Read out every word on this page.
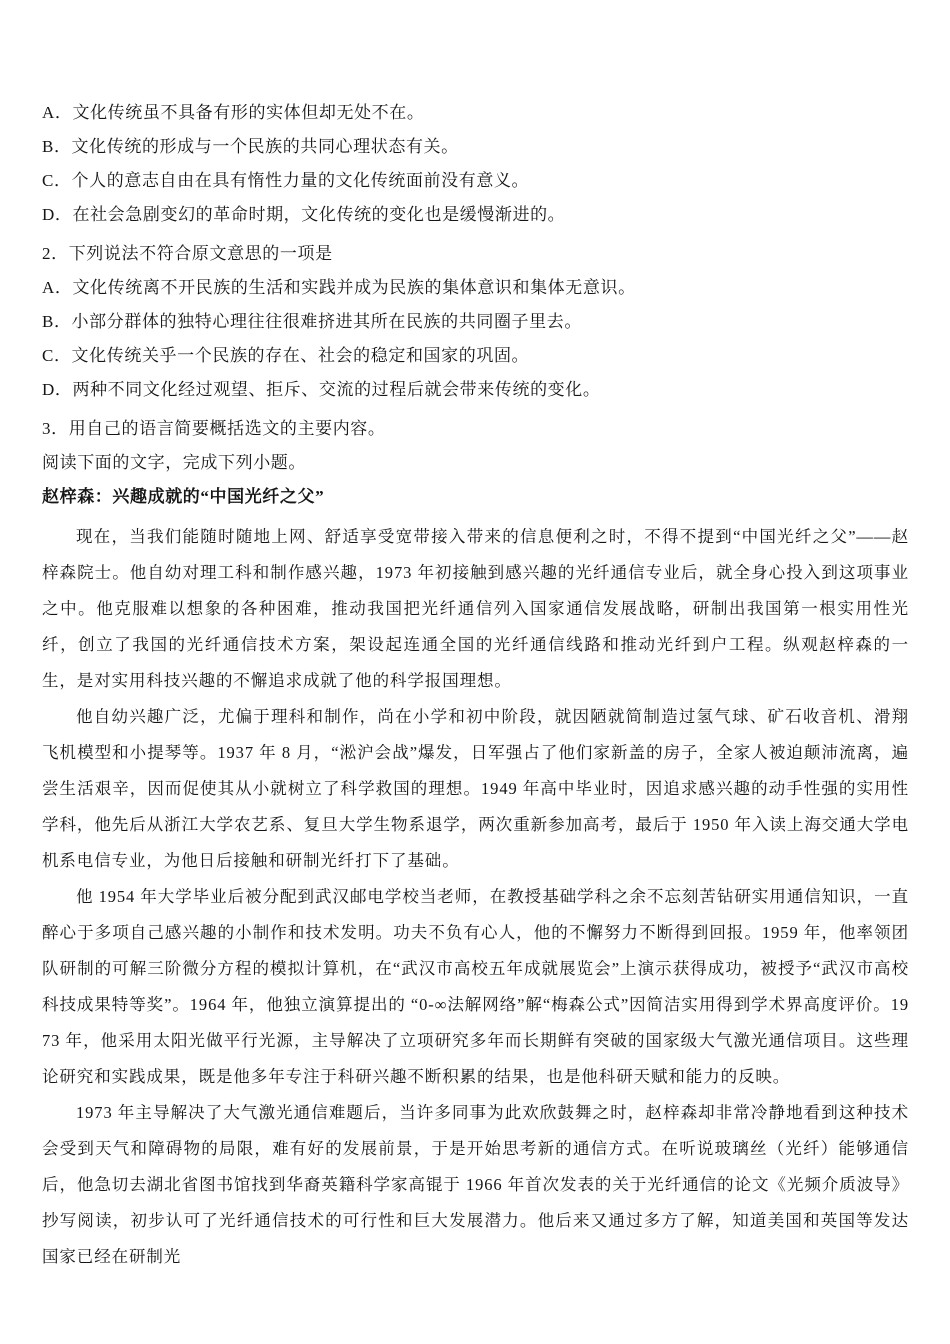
A．文化传统虽不具备有形的实体但却无处不在。

B．文化传统的形成与一个民族的共同心理状态有关。

C．个人的意志自由在具有惰性力量的文化传统面前没有意义。

D．在社会急剧变幻的革命时期，文化传统的变化也是缓慢渐进的。

2．下列说法不符合原文意思的一项是

A．文化传统离不开民族的生活和实践并成为民族的集体意识和集体无意识。

B．小部分群体的独特心理往往很难挤进其所在民族的共同圈子里去。

C．文化传统关乎一个民族的存在、社会的稳定和国家的巩固。

D．两种不同文化经过观望、拒斥、交流的过程后就会带来传统的变化。

3．用自己的语言简要概括选文的主要内容。

阅读下面的文字，完成下列小题。

赵梓森：兴趣成就的“中国光纤之父”

现在，当我们能随时随地上网、舒适享受宽带接入带来的信息便利之时，不得不提到“中国光纤之父”——赵梓森院士。他自幼对理工科和制作感兴趣，1973 年初接触到感兴趣的光纤通信专业后，就全身心投入到这项事业之中。他克服难以想象的各种困难，推动我国把光纤通信列入国家通信发展战略，研制出我国第一根实用性光纤，创立了我国的光纤通信技术方案，架设起连通全国的光纤通信线路和推动光纤到户工程。纵观赵梓森的一生，是对实用科技兴趣的不懈追求成就了他的科学报国理想。

他自幼兴趣广泛，尤偏于理科和制作，尚在小学和初中阶段，就因陋就简制造过氢气球、矿石收音机、滑翔飞机模型和小提琴等。1937 年 8 月，“淞沪会战”爆发，日军强占了他们家新盖的房子，全家人被迫颠沛流离，遍尝生活艰辛，因而促使其从小就树立了科学救国的理想。1949 年高中毕业时，因追求感兴趣的动手性强的实用性学科，他先后从浙江大学农艺系、复旦大学生物系退学，两次重新参加高考，最后于 1950 年入读上海交通大学电机系电信专业，为他日后接触和研制光纤打下了基础。

他 1954 年大学毕业后被分配到武汉邮电学校当老师，在教授基础学科之余不忘刻苦钻研实用通信知识，一直醉心于多项自己感兴趣的小制作和技术发明。功夫不负有心人，他的不懈努力不断得到回报。1959 年，他率领团队研制的可解三阶微分方程的模拟计算机，在“武汉市高校五年成就展览会”上演示获得成功，被授予“武汉市高校科技成果特等奖”。1964 年，他独立演算提出的 “0-∞法解网络”解“梅森公式”因简洁实用得到学术界高度评价。1973 年，他采用太阳光做平行光源，主导解决了立项研究多年而长期鲜有突破的国家级大气激光通信项目。这些理论研究和实践成果，既是他多年专注于科研兴趣不断积累的结果，也是他科研天赋和能力的反映。

1973 年主导解决了大气激光通信难题后，当许多同事为此欢欣鼓舞之时，赵梓森却非常冷静地看到这种技术会受到天气和障碍物的局限，难有好的发展前景，于是开始思考新的通信方式。在听说玻璃丝（光纤）能够通信后，他急切去湖北省图书馆找到华裔英籍科学家高锟于 1966 年首次发表的关于光纤通信的论文《光频介质波导》抄写阅读，初步认可了光纤通信技术的可行性和巨大发展潜力。他后来又通过多方了解，知道美国和英国等发达国家已经在研制光
